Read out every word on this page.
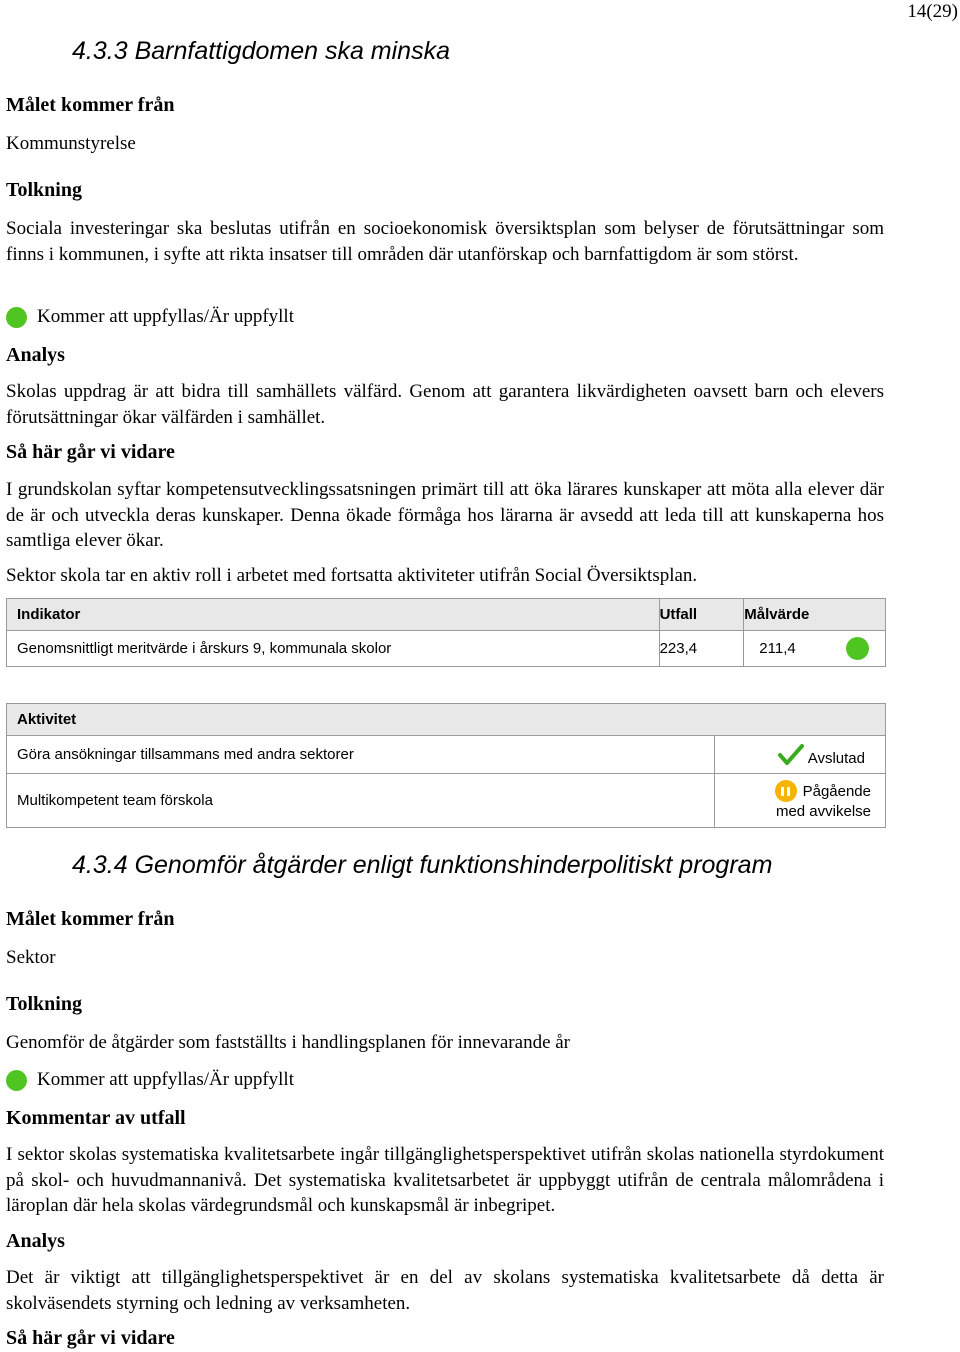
14(29)
4.3.3 Barnfattigdomen ska minska
Målet kommer från
Kommunstyrelse
Tolkning
Sociala investeringar ska beslutas utifrån en socioekonomisk översiktsplan som belyser de förutsättningar som finns i kommunen, i syfte att rikta insatser till områden där utanförskap och barnfattigdom är som störst.
Kommer att uppfyllas/Är uppfyllt
Analys
Skolas uppdrag är att bidra till samhällets välfärd. Genom att garantera likvärdigheten oavsett barn och elevers förutsättningar ökar välfärden i samhället.
Så här går vi vidare
I grundskolan syftar kompetensutvecklingssatsningen primärt till att öka lärares kunskaper att möta alla elever där de är och utveckla deras kunskaper. Denna ökade förmåga hos lärarna är avsedd att leda till att kunskaperna hos samtliga elever ökar.
Sektor skola tar en aktiv roll i arbetet med fortsatta aktiviteter utifrån Social Översiktsplan.
Indikator	Utfall	Målvärde
Genomsnittligt meritvärde i årskurs 9, kommunala skolor	223,4	211,4
Aktivitet	
Göra ansökningar tillsammans med andra sektorer	Avslutad

Multikompetent team förskola	Pågående
med avvikelse
4.3.4 Genomför åtgärder enligt funktionshinderpolitiskt program
Målet kommer från
Sektor
Tolkning
Genomför de åtgärder som fastställts i handlingsplanen för innevarande år
Kommer att uppfyllas/Är uppfyllt
Kommentar av utfall
I sektor skolas systematiska kvalitetsarbete ingår tillgänglighetsperspektivet utifrån skolas nationella styrdokument på skol- och huvudmannanivå. Det systematiska kvalitetsarbetet är uppbyggt utifrån de centrala målområdena i läroplan där hela skolas värdegrundsmål och kunskapsmål är inbegripet.
Analys
Det är viktigt att tillgänglighetsperspektivet är en del av skolans systematiska kvalitetsarbete då detta är skolväsendets styrning och ledning av verksamheten.
Så här går vi vidare
